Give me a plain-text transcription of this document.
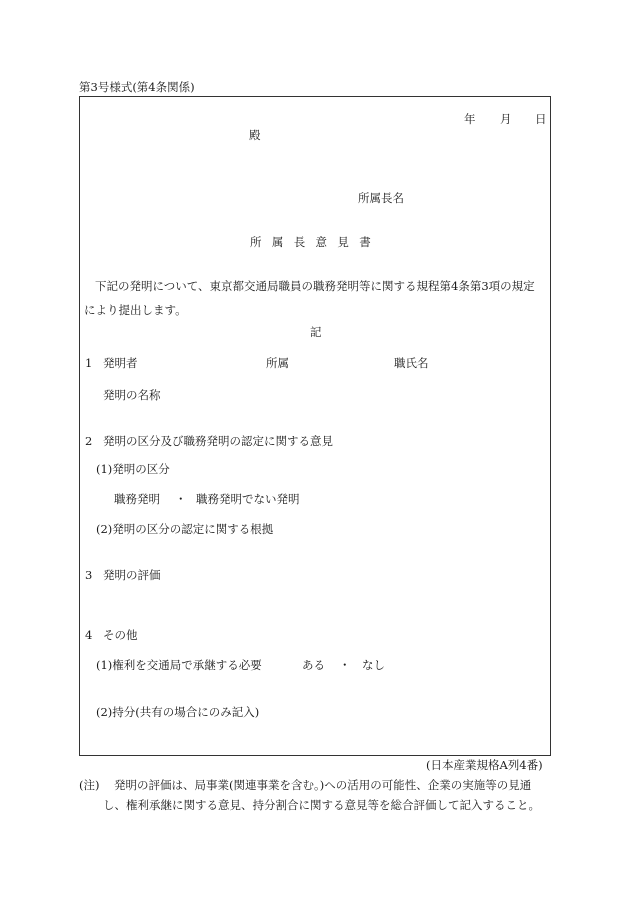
第3号様式(第4条関係)
年 月 日
殿
所属長名
所属長意見書
下記の発明について、東京都交通局職員の職務発明等に関する規程第4条第3項の規定
により提出します。
記
1 発明者	所属	職氏名
発明の名称
2 発明の区分及び職務発明の認定に関する意見
(1)発明の区分
職務発明 ・ 職務発明でない発明
(2)発明の区分の認定に関する根拠
3 発明の評価
4 その他
(1)権利を交通局で承継する必要	ある ・ なし
(2)持分(共有の場合にのみ記入)
(日本産業規格A列4番)
(注) 発明の評価は、局事業(関連事業を含む。)への活用の可能性、企業の実施等の見通
し、権利承継に関する意見、持分割合に関する意見等を総合評価して記入すること。
